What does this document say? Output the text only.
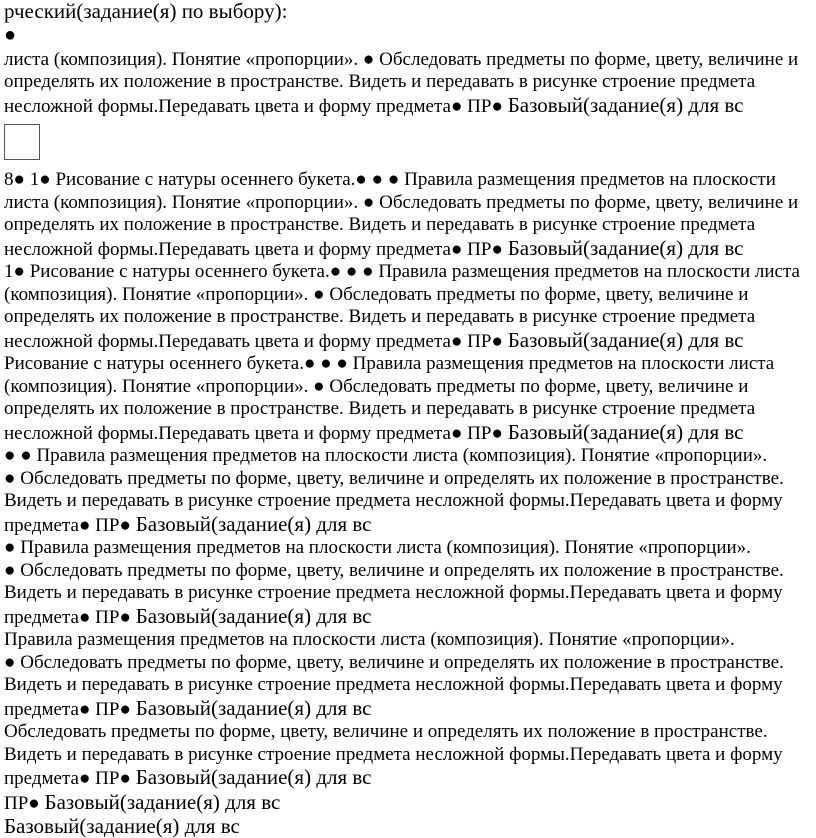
рческий(задание(я) по выбору):
●
листа (композиция). Понятие «пропорции». ● Обследовать предметы по форме, цвету, величине и
определять их положение в пространстве. Видеть и передавать в рисунке строение предмета
несложной формы.Передавать цвета и форму предмета● ПР● Базовый(задание(я) для вс
8● 1● Рисование с натуры осеннего букета.● ● ● Правила размещения предметов на плоскости
листа (композиция). Понятие «пропорции». ● Обследовать предметы по форме, цвету, величине и
определять их положение в пространстве. Видеть и передавать в рисунке строение предмета
несложной формы.Передавать цвета и форму предмета● ПР● Базовый(задание(я) для вс
1● Рисование с натуры осеннего букета.● ● ● Правила размещения предметов на плоскости листа
(композиция). Понятие «пропорции». ● Обследовать предметы по форме, цвету, величине и
определять их положение в пространстве. Видеть и передавать в рисунке строение предмета
несложной формы.Передавать цвета и форму предмета● ПР● Базовый(задание(я) для вс
Рисование с натуры осеннего букета.● ● ● Правила размещения предметов на плоскости листа
(композиция). Понятие «пропорции». ● Обследовать предметы по форме, цвету, величине и
определять их положение в пространстве. Видеть и передавать в рисунке строение предмета
несложной формы.Передавать цвета и форму предмета● ПР● Базовый(задание(я) для вс
● ● Правила размещения предметов на плоскости листа (композиция). Понятие «пропорции».
● Обследовать предметы по форме, цвету, величине и определять их положение в пространстве.
Видеть и передавать в рисунке строение предмета несложной формы.Передавать цвета и форму
предмета● ПР● Базовый(задание(я) для вс
● Правила размещения предметов на плоскости листа (композиция). Понятие «пропорции».
● Обследовать предметы по форме, цвету, величине и определять их положение в пространстве.
Видеть и передавать в рисунке строение предмета несложной формы.Передавать цвета и форму
предмета● ПР● Базовый(задание(я) для вс
Правила размещения предметов на плоскости листа (композиция). Понятие «пропорции».
● Обследовать предметы по форме, цвету, величине и определять их положение в пространстве.
Видеть и передавать в рисунке строение предмета несложной формы.Передавать цвета и форму
предмета● ПР● Базовый(задание(я) для вс
Обследовать предметы по форме, цвету, величине и определять их положение в пространстве.
Видеть и передавать в рисунке строение предмета несложной формы.Передавать цвета и форму
предмета● ПР● Базовый(задание(я) для вс
ПР● Базовый(задание(я) для вс
Базовый(задание(я) для вс
